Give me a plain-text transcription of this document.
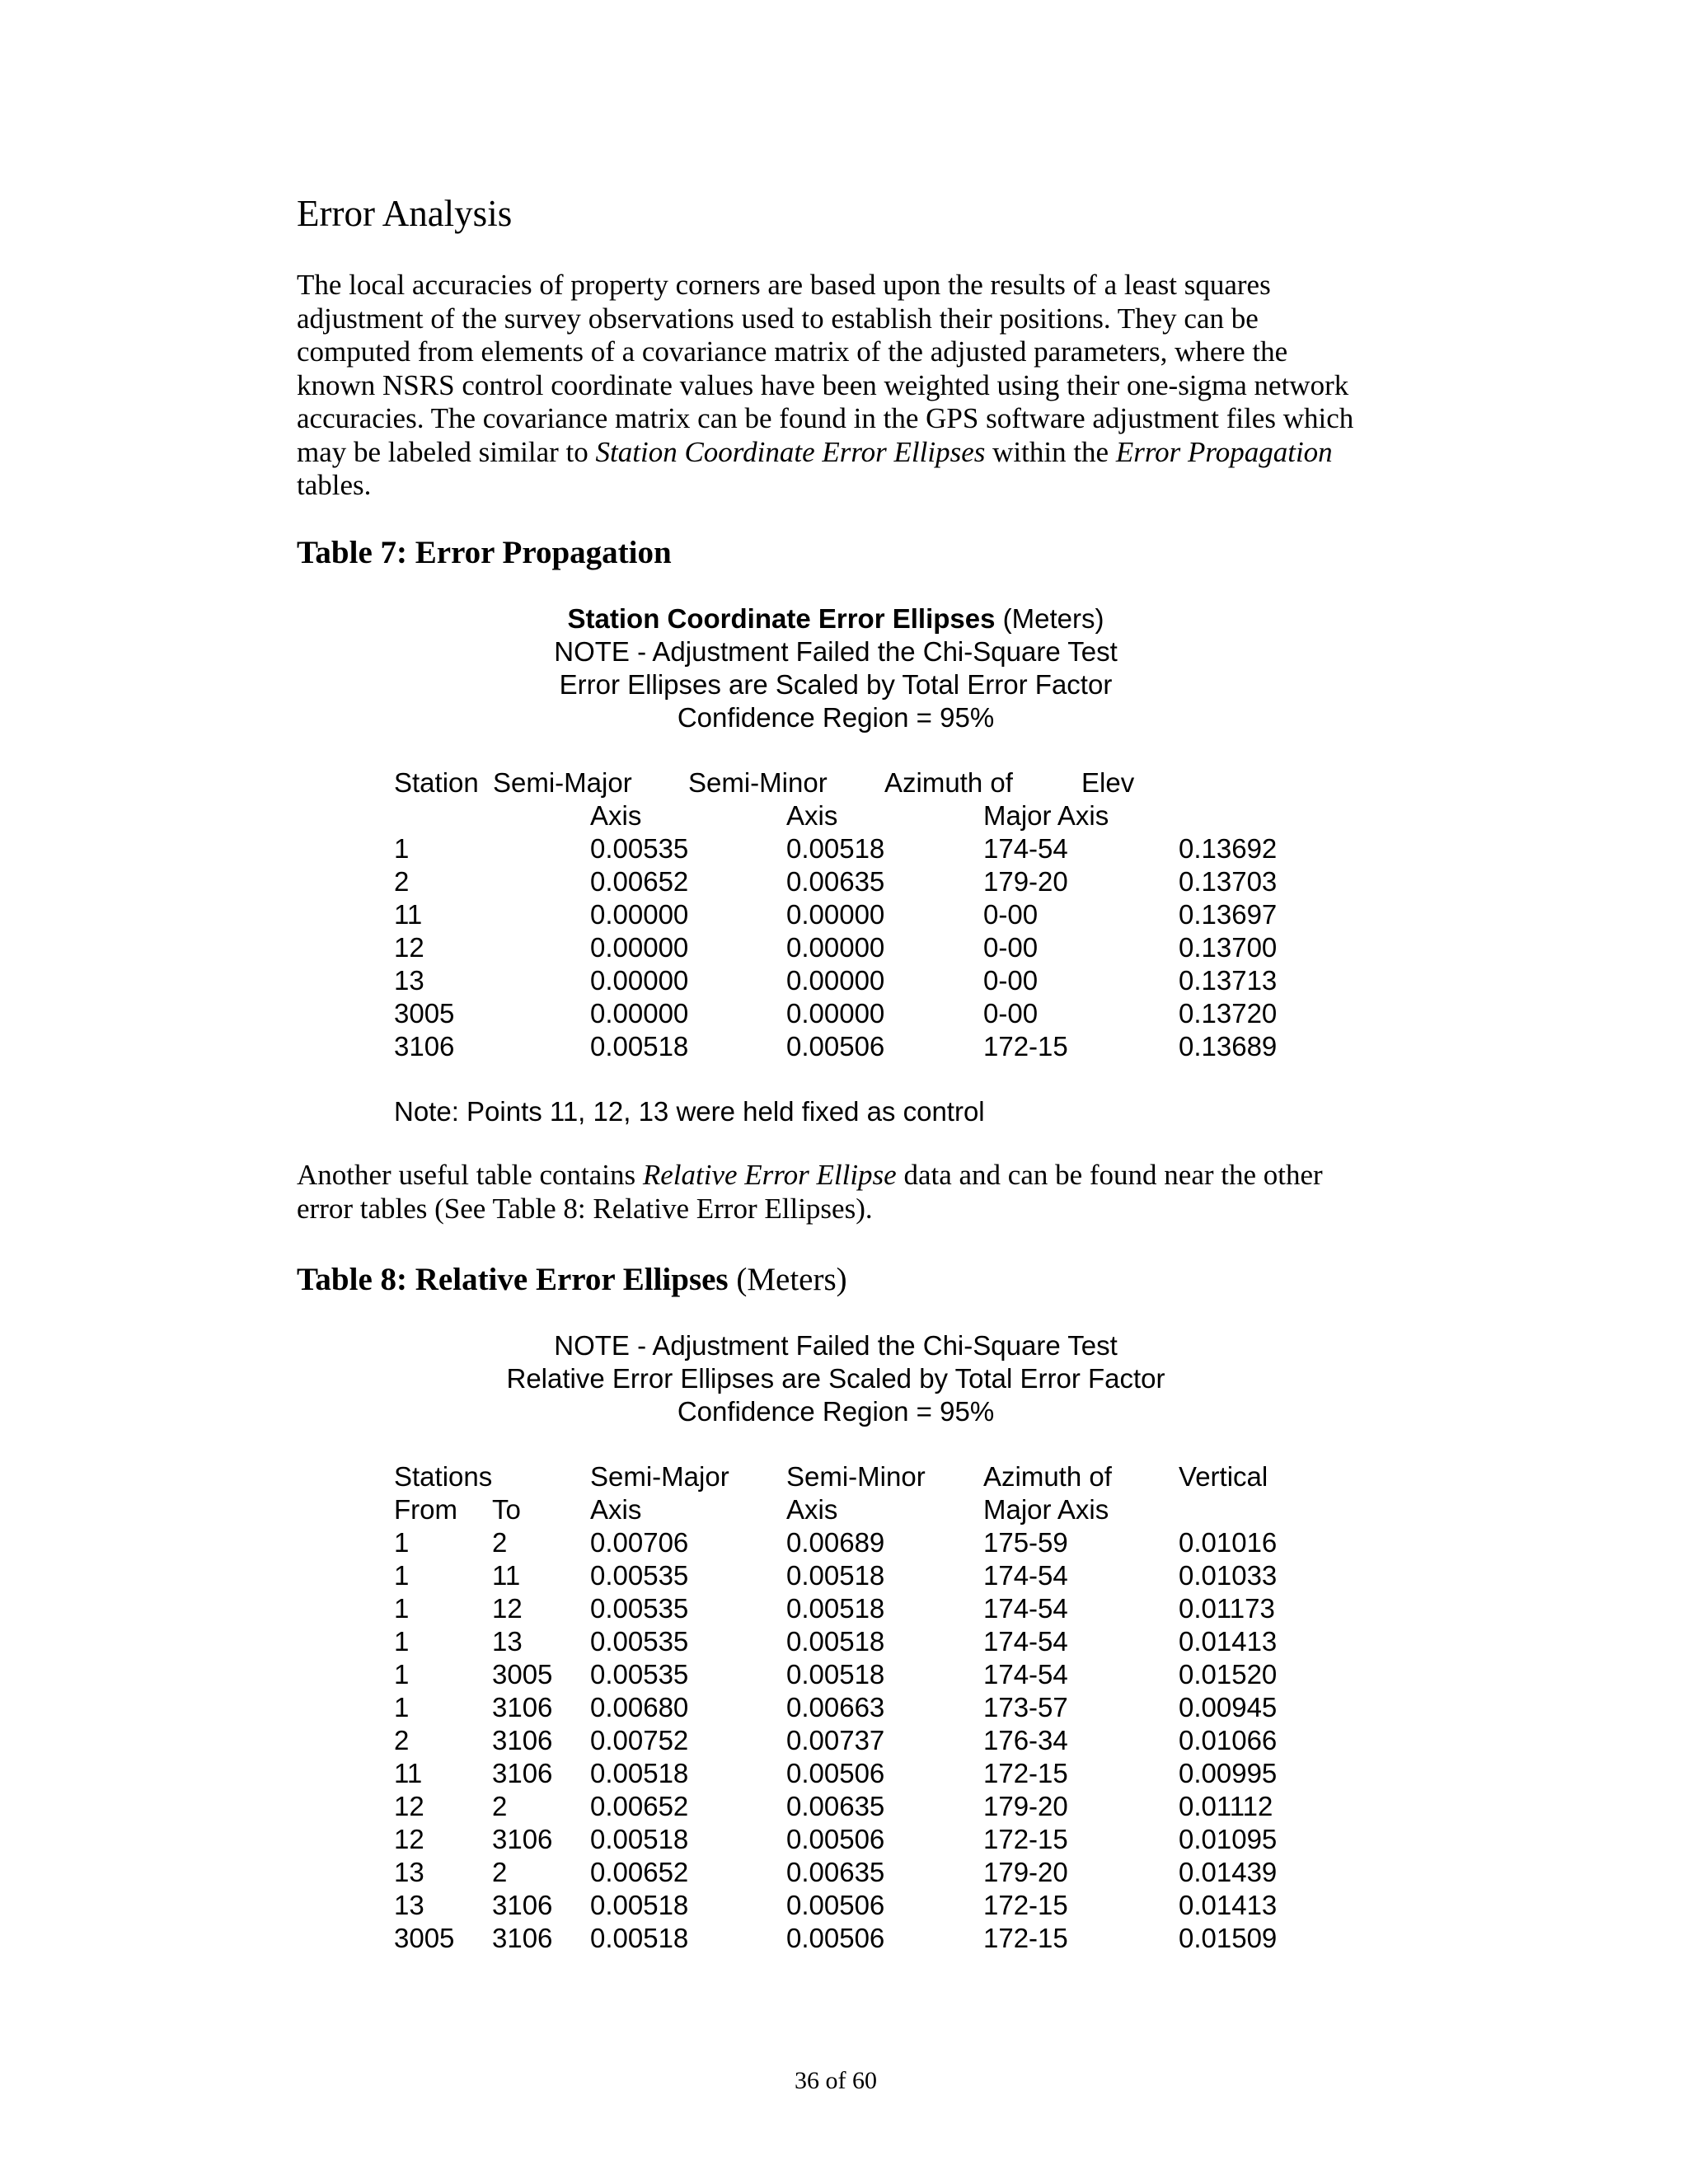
Error Analysis
The local accuracies of property corners are based upon the results of a least squares adjustment of the survey observations used to establish their positions. They can be computed from elements of a covariance matrix of the adjusted parameters, where the known NSRS control coordinate values have been weighted using their one-sigma network accuracies. The covariance matrix can be found in the GPS software adjustment files which may be labeled similar to Station Coordinate Error Ellipses within the Error Propagation tables.
Table 7: Error Propagation
Station Coordinate Error Ellipses (Meters)
NOTE - Adjustment Failed the Chi-Square Test
Error Ellipses are Scaled by Total Error Factor
Confidence Region = 95%
Station Semi-Major Semi-Minor Azimuth of	Elev
Axis	Axis	Major Axis
1	0.00535	0.00518	174-54	0.13692
2	0.00652	0.00635	179-20	0.13703
11	0.00000	0.00000	0-00	0.13697
12	0.00000	0.00000	0-00	0.13700
13	0.00000	0.00000	0-00	0.13713
3005	0.00000	0.00000	0-00	0.13720
3106	0.00518	0.00506	172-15	0.13689
Note: Points 11, 12, 13 were held fixed as control
Another useful table contains Relative Error Ellipse data and can be found near the other error tables (See Table 8: Relative Error Ellipses).
Table 8: Relative Error Ellipses (Meters)
NOTE - Adjustment Failed the Chi-Square Test
Relative Error Ellipses are Scaled by Total Error Factor
Confidence Region = 95%
Stations	Semi-Major Semi-Minor Azimuth of Vertical
From To	Axis	Axis	Major Axis
1	2	0.00706	0.00689	175-59	0.01016
1	11	0.00535	0.00518	174-54	0.01033
1	12 0.00535	0.00518	174-54	0.01173
1	13 0.00535	0.00518	174-54	0.01413
1	3005 0.00535	0.00518	174-54	0.01520
1	3106 0.00680	0.00663	173-57	0.00945
2	3106 0.00752	0.00737	176-34	0.01066
11	3106 0.00518	0.00506	172-15	0.00995
12 2	0.00652	0.00635	179-20	0.01112
12 3106 0.00518	0.00506	172-15	0.01095
13 2	0.00652	0.00635	179-20	0.01439
13 3106 0.00518	0.00506	172-15	0.01413
3005 3106 0.00518	0.00506	172-15	0.01509
36 of 60
